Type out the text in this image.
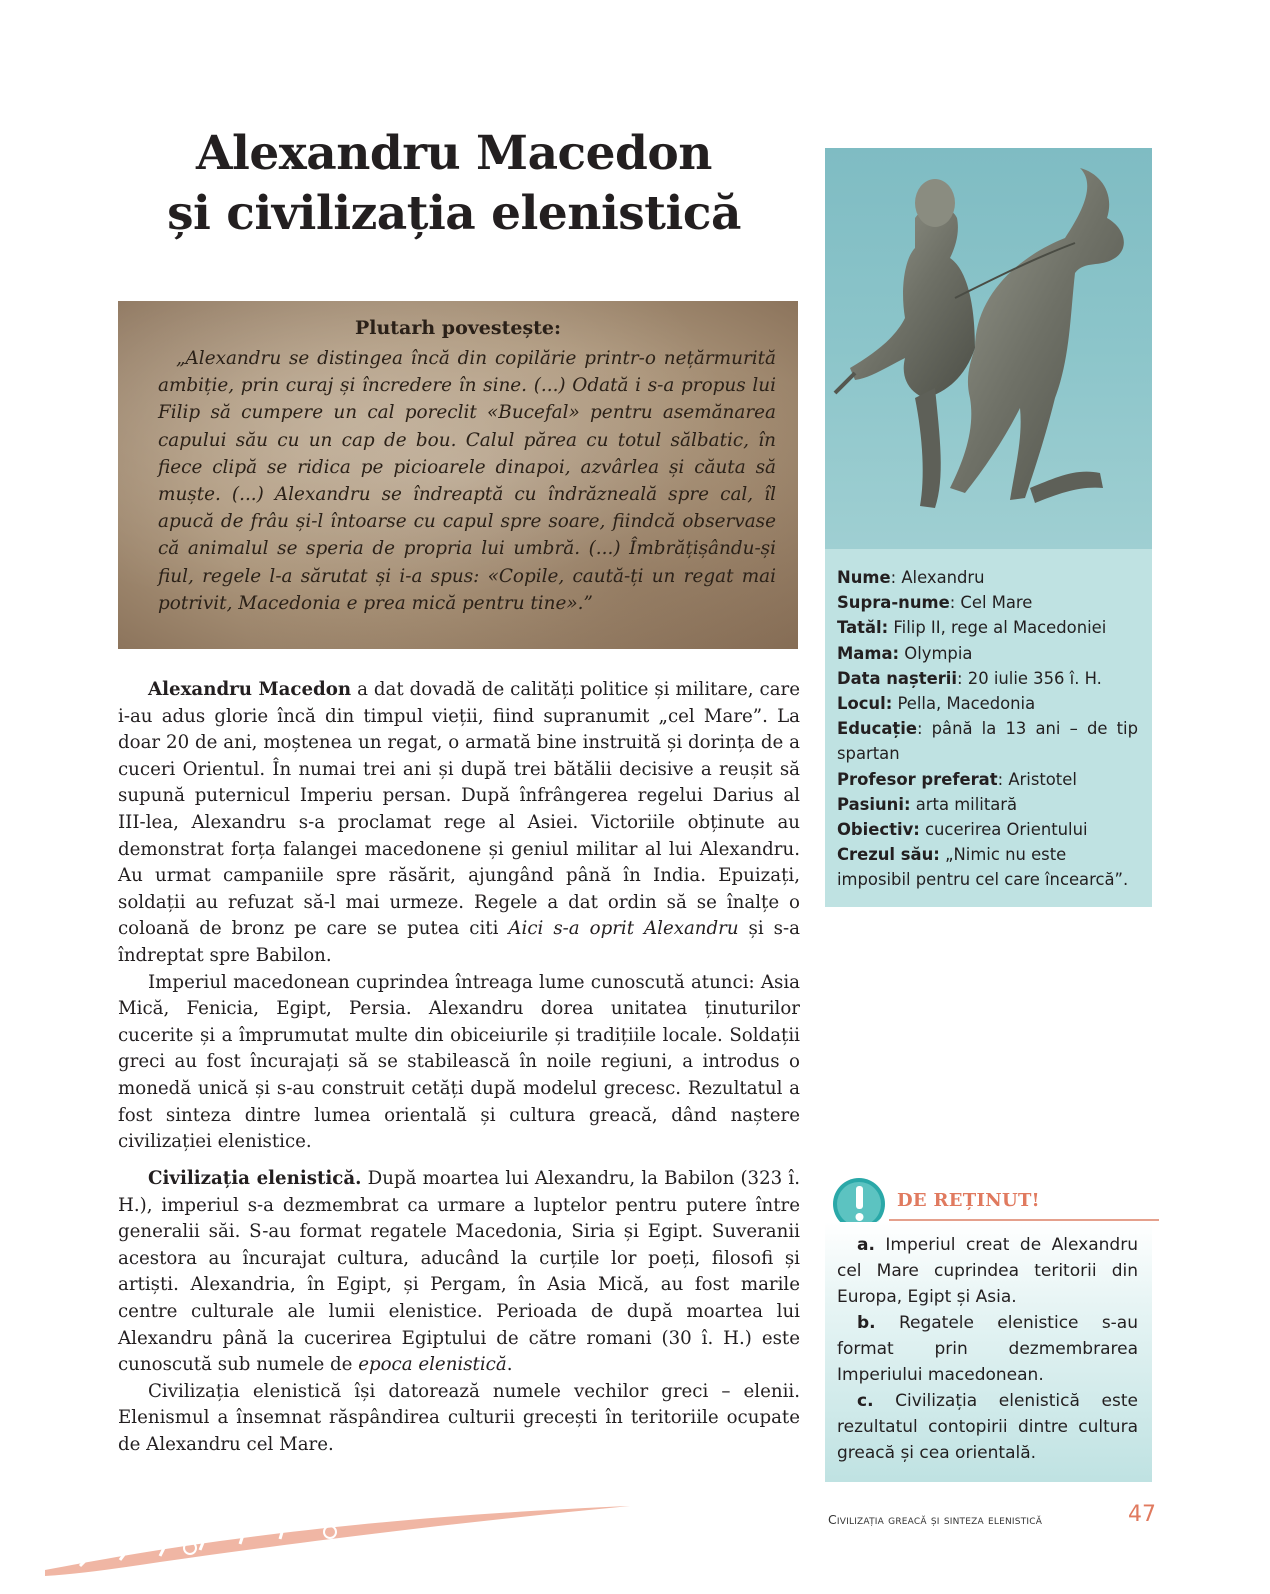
Alexandru Macedon
și civilizația elenistică
Plutarh povestește:
„Alexandru se distingea încă din copilărie printr-o nețărmurită ambiție, prin curaj și încredere în sine. (...) Odată i s-a propus lui Filip să cumpere un cal poreclit «Bucefal» pentru asemănarea capului său cu un cap de bou. Calul părea cu totul sălbatic, în fiece clipă se ridica pe picioarele dinapoi, azvârlea și căuta să muște. (...) Alexandru se îndreaptă cu îndrăzneală spre cal, îl apucă de frâu și-l întoarse cu capul spre soare, fiindcă observase că animalul se speria de propria lui umbră. (...) Îmbrățișându-și fiul, regele l-a sărutat și i-a spus: «Copile, caută-ți un regat mai potrivit, Macedonia e prea mică pentru tine».”

Alexandru Macedon a dat dovadă de calități politice și militare, care i-au adus glorie încă din timpul vieții, fiind supranumit „cel Mare”. La doar 20 de ani, moștenea un regat, o armată bine instruită și dorința de a cuceri Orientul. În numai trei ani și după trei bătălii decisive a reușit să supună puternicul Imperiu persan. După înfrângerea regelui Darius al III-lea, Alexandru s-a proclamat rege al Asiei. Victoriile obținute au demonstrat forța falangei macedonene și geniul militar al lui Alexandru. Au urmat campaniile spre răsărit, ajungând până în India. Epuizați, soldații au refuzat să-l mai urmeze. Regele a dat ordin să se înalțe o coloană de bronz pe care se putea citi Aici s-a oprit Alexandru și s-a îndreptat spre Babilon.

Imperiul macedonean cuprindea întreaga lume cunoscută atunci: Asia Mică, Fenicia, Egipt, Persia. Alexandru dorea unitatea ținuturilor cucerite și a împrumutat multe din obiceiurile și tradițiile locale. Soldații greci au fost încurajați să se stabilească în noile regiuni, a introdus o monedă unică și s-au construit cetăți după modelul grecesc. Rezultatul a fost sinteza dintre lumea orientală și cultura greacă, dând naștere civilizației elenistice.

Civilizația elenistică. După moartea lui Alexandru, la Babilon (323 î. H.), imperiul s-a dezmembrat ca urmare a luptelor pentru putere între generalii săi. S-au format regatele Macedonia, Siria și Egipt. Suveranii acestora au încurajat cultura, aducând la curțile lor poeți, filosofi și artiști. Alexandria, în Egipt, și Pergam, în Asia Mică, au fost marile centre culturale ale lumii elenistice. Perioada de după moartea lui Alexandru până la cucerirea Egiptului de către romani (30 î. H.) este cunoscută sub numele de epoca elenistică.

Civilizația elenistică își datorează numele vechilor greci – elenii. Elenismul a însemnat răspândirea culturii grecești în teritoriile ocupate de Alexandru cel Mare.

Nume: Alexandru

Supra-nume: Cel Mare

Tatăl: Filip II, rege al Macedoniei

Mama: Olympia

Data nașterii: 20 iulie 356 î. H.

Locul: Pella, Macedonia

Educație: până la 13 ani – de tip spartan

Profesor preferat: Aristotel

Pasiuni: arta militară

Obiectiv: cucerirea Orientului

Crezul său: „Nimic nu este imposibil pentru cel care încearcă”.

DE REȚINUT!

a. Imperiul creat de Alexandru cel Mare cuprindea teritorii din Europa, Egipt și Asia.

b. Regatele elenistice s-au format prin dezmembrarea Imperiului macedonean.

c. Civilizația elenistică este rezultatul contopirii dintre cultura greacă și cea orientală.

Civilizația greacă și sinteza elenistică	47
